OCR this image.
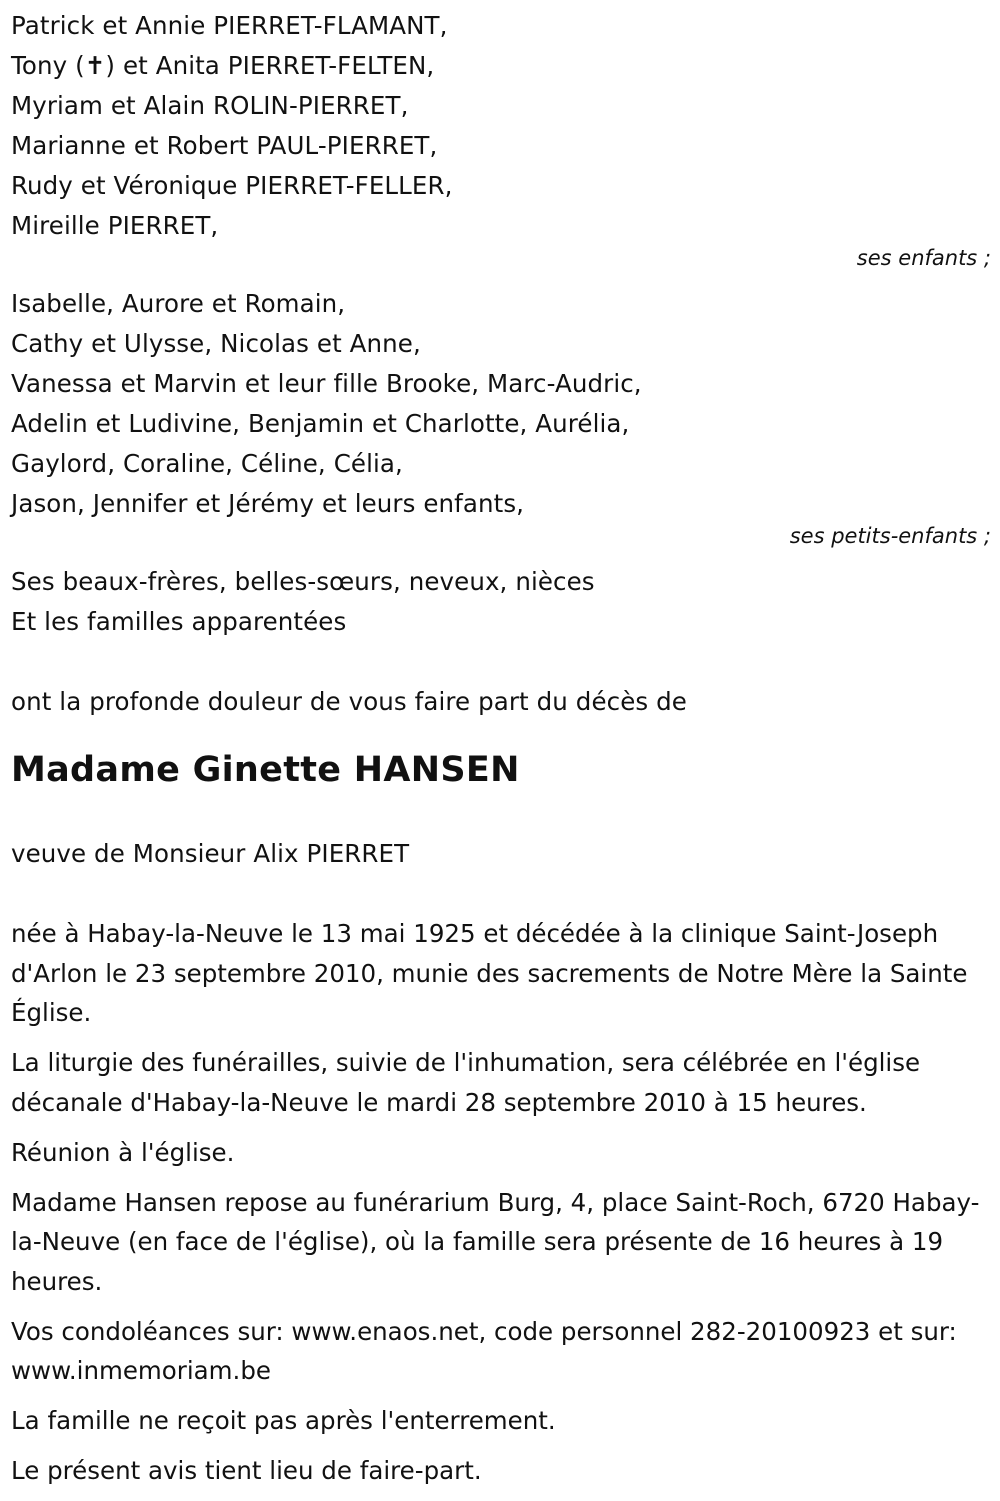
Patrick et Annie PIERRET-FLAMANT,
Tony (✝) et Anita PIERRET-FELTEN,
Myriam et Alain ROLIN-PIERRET,
Marianne et Robert PAUL-PIERRET,
Rudy et Véronique PIERRET-FELLER,
Mireille PIERRET,
ses enfants ;
Isabelle, Aurore et Romain,
Cathy et Ulysse, Nicolas et Anne,
Vanessa et Marvin et leur fille Brooke, Marc-Audric,
Adelin et Ludivine, Benjamin et Charlotte, Aurélia,
Gaylord, Coraline, Céline, Célia,
Jason, Jennifer et Jérémy et leurs enfants,
ses petits-enfants ;
Ses beaux-frères, belles-sœurs, neveux, nièces
Et les familles apparentées
ont la profonde douleur de vous faire part du décès de
Madame Ginette HANSEN
veuve de Monsieur Alix PIERRET
née à Habay-la-Neuve le 13 mai 1925 et décédée à la clinique Saint-Joseph d'Arlon le 23 septembre 2010, munie des sacrements de Notre Mère la Sainte Église.
La liturgie des funérailles, suivie de l'inhumation, sera célébrée en l'église décanale d'Habay-la-Neuve le mardi 28 septembre 2010 à 15 heures.
Réunion à l'église.
Madame Hansen repose au funérarium Burg, 4, place Saint-Roch, 6720 Habay-la-Neuve (en face de l'église), où la famille sera présente de 16 heures à 19 heures.
Vos condoléances sur: www.enaos.net, code personnel 282-20100923 et sur: www.inmemoriam.be
La famille ne reçoit pas après l'enterrement.
Le présent avis tient lieu de faire-part.
